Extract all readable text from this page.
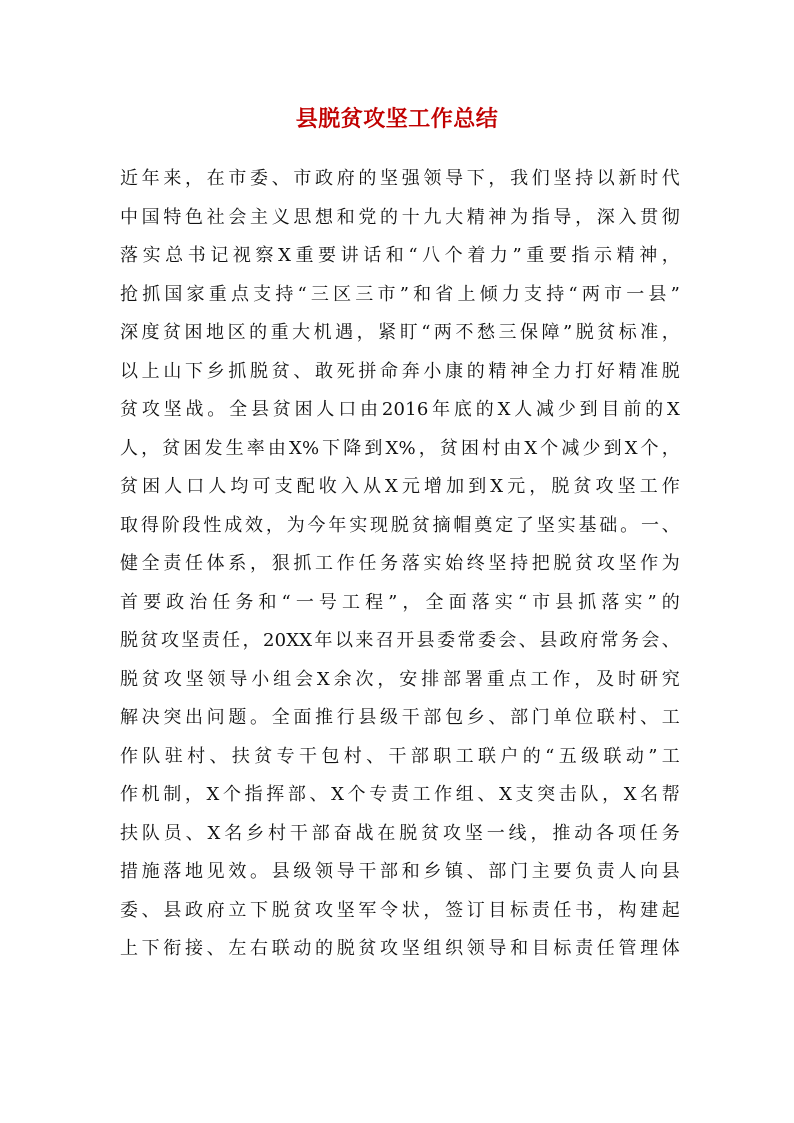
县脱贫攻坚工作总结
近年来，在市委、市政府的坚强领导下，我们坚持以新时代
中国特色社会主义思想和党的十九大精神为指导，深入贯彻
落实总书记视察X重要讲话和“八个着力”重要指示精神，
抢抓国家重点支持“三区三市”和省上倾力支持“两市一县”
深度贫困地区的重大机遇，紧盯“两不愁三保障”脱贫标准，
以上山下乡抓脱贫、敢死拼命奔小康的精神全力打好精准脱
贫攻坚战。全县贫困人口由2016年底的X人减少到目前的X
人，贫困发生率由X%下降到X%，贫困村由X个减少到X个，
贫困人口人均可支配收入从X元增加到X元，脱贫攻坚工作
取得阶段性成效，为今年实现脱贫摘帽奠定了坚实基础。一、
健全责任体系，狠抓工作任务落实始终坚持把脱贫攻坚作为
首要政治任务和“一号工程”，全面落实“市县抓落实”的
脱贫攻坚责任，20XX年以来召开县委常委会、县政府常务会、
脱贫攻坚领导小组会X余次，安排部署重点工作，及时研究
解决突出问题。全面推行县级干部包乡、部门单位联村、工
作队驻村、扶贫专干包村、干部职工联户的“五级联动”工
作机制，X个指挥部、X个专责工作组、X支突击队，X名帮
扶队员、X名乡村干部奋战在脱贫攻坚一线，推动各项任务
措施落地见效。县级领导干部和乡镇、部门主要负责人向县
委、县政府立下脱贫攻坚军令状，签订目标责任书，构建起
上下衔接、左右联动的脱贫攻坚组织领导和目标责任管理体
